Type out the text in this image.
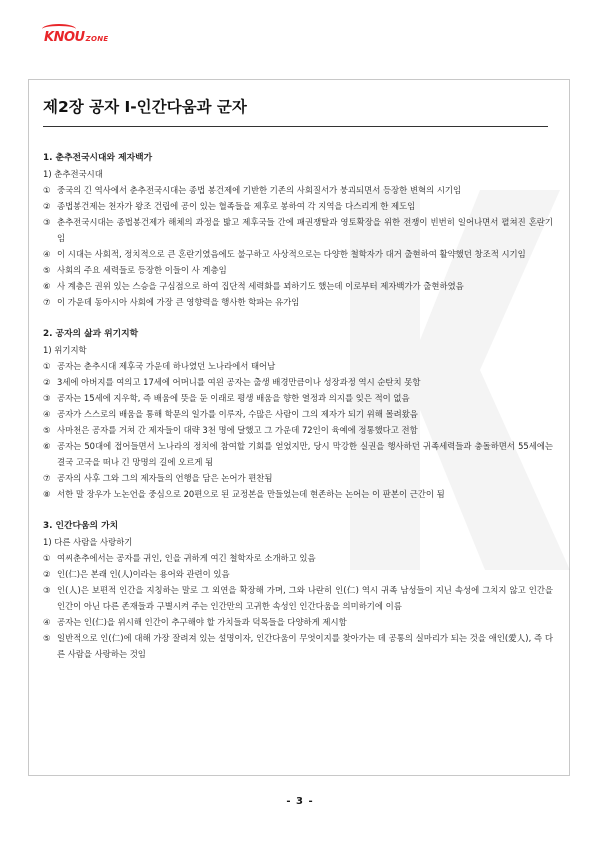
KNOU ZONE
제2장 공자 Ⅰ-인간다움과 군자
1. 춘추전국시대와 제자백가
1) 춘추전국시대
① 중국의 긴 역사에서 춘추전국시대는 종법 봉건제에 기반한 기존의 사회질서가 붕괴되면서 등장한 변혁의 시기임
② 종법봉건제는 천자가 왕조 건립에 공이 있는 혈족들을 제후로 봉하여 각 지역을 다스리게 한 제도임
③ 춘추전국시대는 종법봉건제가 해체의 과정을 밟고 제후국들 간에 패권쟁탈과 영토확장을 위한 전쟁이 빈번히 일어나면서 펼쳐진 혼란기임
④ 이 시대는 사회적, 정치적으로 큰 혼란기였음에도 불구하고 사상적으로는 다양한 철학자가 대거 출현하여 활약했던 창조적 시기임
⑤ 사회의 주요 세력들로 등장한 이들이 사 계층임
⑥ 사 계층은 권위 있는 스승을 구심점으로 하여 집단적 세력화를 꾀하기도 했는데 이로부터 제자백가가 출현하였음
⑦ 이 가운데 동아시아 사회에 가장 큰 영향력을 행사한 학파는 유가임
2. 공자의 삶과 위기지학
1) 위기지학
① 공자는 춘추시대 제후국 가운데 하나였던 노나라에서 태어남
② 3세에 아버지를 여의고 17세에 어머니를 여읜 공자는 출생 배경만큼이나 성장과정 역시 순탄치 못함
③ 공자는 15세에 지우학, 즉 배움에 뜻을 둔 이래로 평생 배움을 향한 열정과 의지를 잊은 적이 없음
④ 공자가 스스로의 배움을 통해 학문의 일가를 이루자, 수많은 사람이 그의 제자가 되기 위해 몰려왔음
⑤ 사마천은 공자를 거쳐 간 제자들이 대략 3천 명에 달했고 그 가운데 72인이 육예에 정통했다고 전함
⑥ 공자는 50대에 접어들면서 노나라의 정치에 참여할 기회를 얻었지만, 당시 막강한 실권을 행사하던 귀족세력들과 충돌하면서 55세에는 결국 고국을 떠나 긴 망명의 길에 오르게 됨
⑦ 공자의 사후 그와 그의 제자들의 언행을 담은 논어가 편찬됨
⑧ 서한 말 장우가 노논언을 중심으로 20편으로 된 교정본을 만들었는데 현존하는 논어는 이 판본이 근간이 됨
3. 인간다움의 가치
1) 다른 사람을 사랑하기
① 여씨춘추에서는 공자를 귀인, 인을 귀하게 여긴 철학자로 소개하고 있음
② 인(仁)은 본래 인(人)이라는 용어와 관련이 있음
③ 인(人)은 보편적 인간을 지칭하는 말로 그 외연을 확장해 가며, 그와 나란히 인(仁) 역시 귀족 남성들이 지닌 속성에 그치지 않고 인간을 인간이 아닌 다른 존재들과 구별시켜 주는 인간만의 고귀한 속성인 인간다움을 의미하기에 이름
④ 공자는 인(仁)을 위시해 인간이 추구해야 할 가치들과 덕목들을 다양하게 제시함
⑤ 일반적으로 인(仁)에 대해 가장 잘려져 있는 설명이자, 인간다움이 무엇이지를 찾아가는 데 공통의 실마리가 되는 것을 애인(愛人), 즉 다른 사람을 사랑하는 것임
- 3 -
